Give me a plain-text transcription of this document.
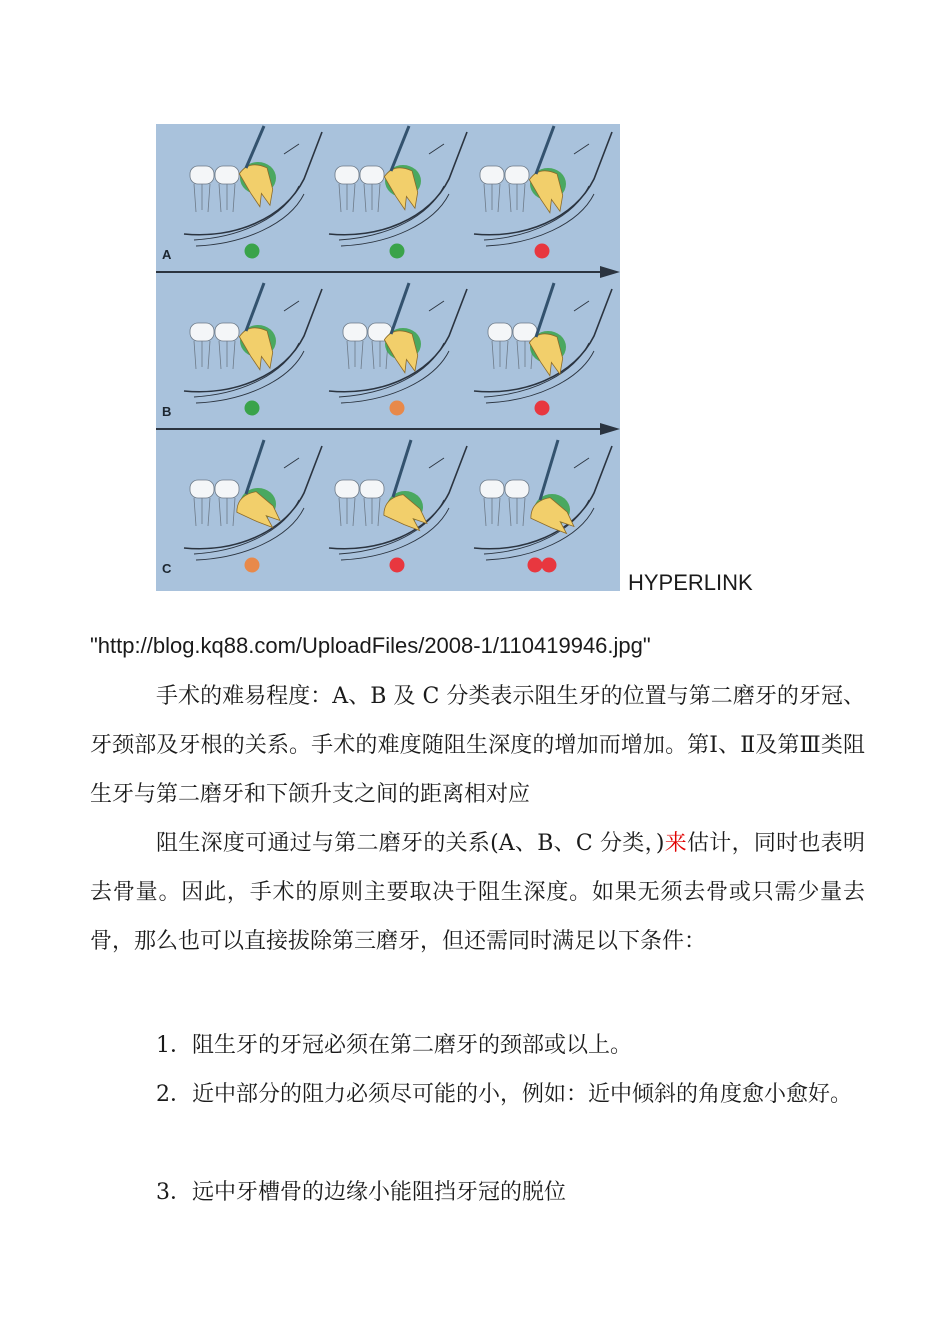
A
B
C
HYPERLINK
"http://blog.kq88.com/UploadFiles/2008-1/110419946.jpg"

手术的难易程度：A、B 及 C 分类表示阻生牙的位置与第二磨牙的牙冠、牙颈部及牙根的关系。手术的难度随阻生深度的增加而增加。第Ⅰ、Ⅱ及第Ⅲ类阻生牙与第二磨牙和下颌升支之间的距离相对应

阻生深度可通过与第二磨牙的关系(A、B、C 分类，)来估计，同时也表明去骨量。因此，手术的原则主要取决于阻生深度。如果无须去骨或只需少量去骨，那么也可以直接拔除第三磨牙，但还需同时满足以下条件：

1．阻生牙的牙冠必须在第二磨牙的颈部或以上。

2．近中部分的阻力必须尽可能的小，例如：近中倾斜的角度愈小愈好。

3．远中牙槽骨的边缘小能阻挡牙冠的脱位
